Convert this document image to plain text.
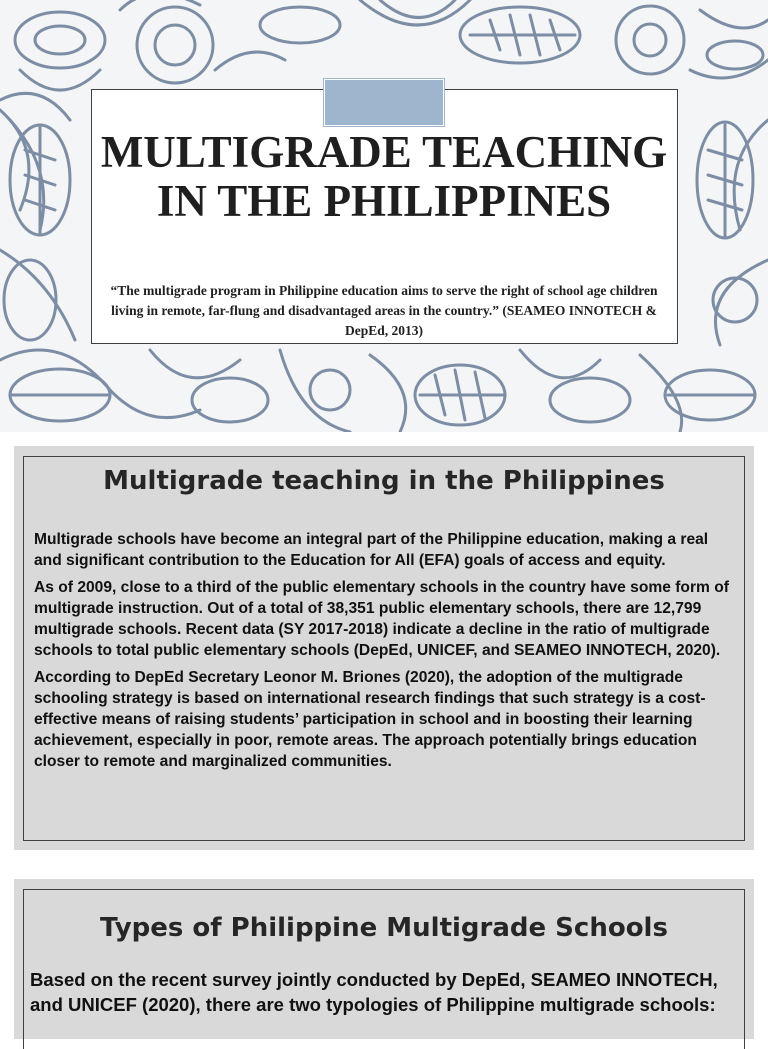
MULTIGRADE TEACHING IN THE PHILIPPINES

“The multigrade program in Philippine education aims to serve the right of school age children living in remote, far-flung and disadvantaged areas in the country.” (SEAMEO INNOTECH & DepEd, 2013)

Multigrade teaching in the Philippines

Multigrade schools have become an integral part of the Philippine education, making a real and significant contribution to the Education for All (EFA) goals of access and equity.

As of 2009, close to a third of the public elementary schools in the country have some form of multigrade instruction. Out of a total of 38,351 public elementary schools, there are 12,799 multigrade schools. Recent data (SY 2017-2018) indicate a decline in the ratio of multigrade schools to total public elementary schools (DepEd, UNICEF, and SEAMEO INNOTECH, 2020).

According to DepEd Secretary Leonor M. Briones (2020), the adoption of the multigrade schooling strategy is based on international research findings that such strategy is a cost-effective means of raising students’ participation in school and in boosting their learning achievement, especially in poor, remote areas. The approach potentially brings education closer to remote and marginalized communities.

Types of Philippine Multigrade Schools

Based on the recent survey jointly conducted by DepEd, SEAMEO INNOTECH, and UNICEF (2020), there are two typologies of Philippine multigrade schools:
